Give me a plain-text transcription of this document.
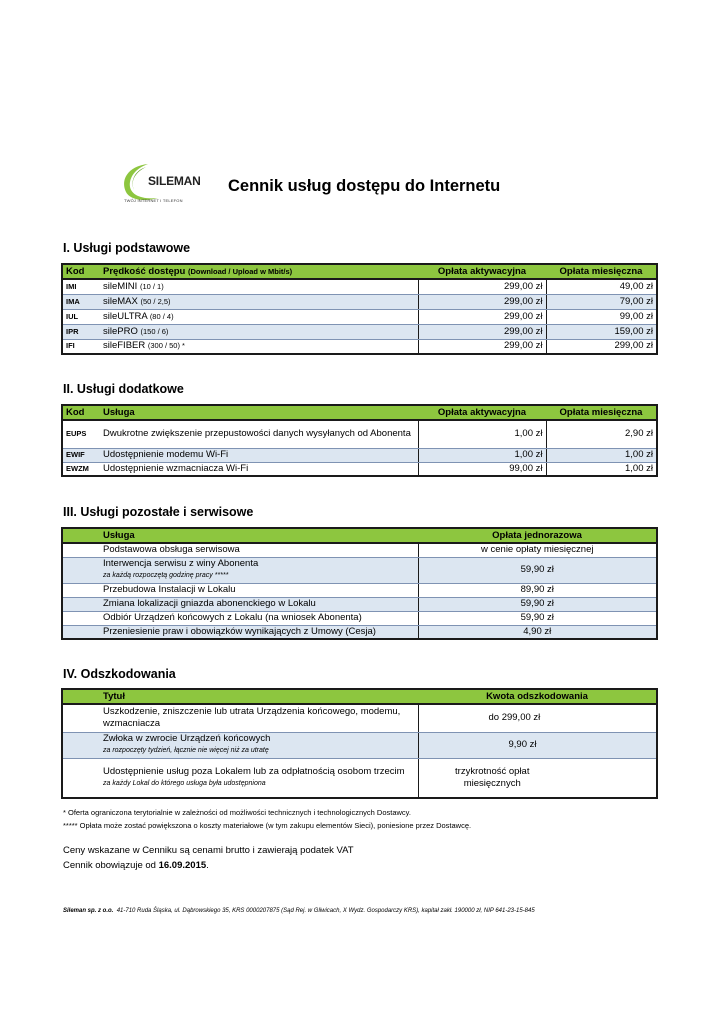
SILEMAN
TWÓJ INTERNET I TELEFON
Cennik usług dostępu do Internetu
I. Usługi podstawowe
Kod	Prędkość dostępu (Download / Upload w Mbit/s)	Opłata aktywacyjna	Opłata miesięczna
IMI	sileMINI (10 / 1)	299,00 zł	49,00 zł
IMA	sileMAX (50 / 2,5)	299,00 zł	79,00 zł
IUL	sileULTRA (80 / 4)	299,00 zł	99,00 zł
IPR	silePRO (150 / 6)	299,00 zł	159,00 zł
IFI	sileFIBER (300 / 50) *	299,00 zł	299,00 zł
II. Usługi dodatkowe
Kod	Usługa	Opłata aktywacyjna	Opłata miesięczna
EUPS	Dwukrotne zwiększenie przepustowości danych wysyłanych od Abonenta	1,00 zł	2,90 zł
EWIF	Udostępnienie modemu Wi-Fi	1,00 zł	1,00 zł
EWZM	Udostępnienie wzmacniacza Wi-Fi	99,00 zł	1,00 zł
III. Usługi pozostałe i serwisowe
	Usługa	Opłata jednorazowa
	Podstawowa obsługa serwisowa	w cenie opłaty miesięcznej

	Interwencja serwisu z winy Abonenta
za każdą rozpoczętą godzinę pracy *****	59,90 zł
	Przebudowa Instalacji w Lokalu	89,90 zł
	Zmiana lokalizacji gniazda abonenckiego w Lokalu	59,90 zł
	Odbiór Urządzeń końcowych z Lokalu (na wniosek Abonenta)	59,90 zł
	Przeniesienie praw i obowiązków wynikających z Umowy (Cesja)	4,90 zł
IV. Odszkodowania
	Tytuł	Kwota odszkodowania
	Uszkodzenie, zniszczenie lub utrata Urządzenia końcowego, modemu, wzmacniacza	do 299,00 zł

	Zwłoka w zwrocie Urządzeń końcowych
za rozpoczęty tydzień, łącznie nie więcej niż za utratę	9,90 zł

	Udostępnienie usług poza Lokalem lub za odpłatnością osobom trzecim
za każdy Lokal do którego usługa była udostępniona	trzykrotność opłat miesięcznych
* Oferta ograniczona terytorialnie w zależności od możliwości technicznych i technologicznych Dostawcy.
***** Opłata może zostać powiększona o koszty materiałowe (w tym zakupu elementów Sieci), poniesione przez Dostawcę.
Ceny wskazane w Cenniku są cenami brutto i zawierają podatek VAT
Cennik obowiązuje od 16.09.2015.
Sileman sp. z o.o. 41-710 Ruda Śląska, ul. Dąbrowskiego 35, KRS 0000207875 (Sąd Rej. w Gliwicach, X Wydz. Gospodarczy KRS), kapitał zakł. 190000 zł, NIP 641-23-15-845
